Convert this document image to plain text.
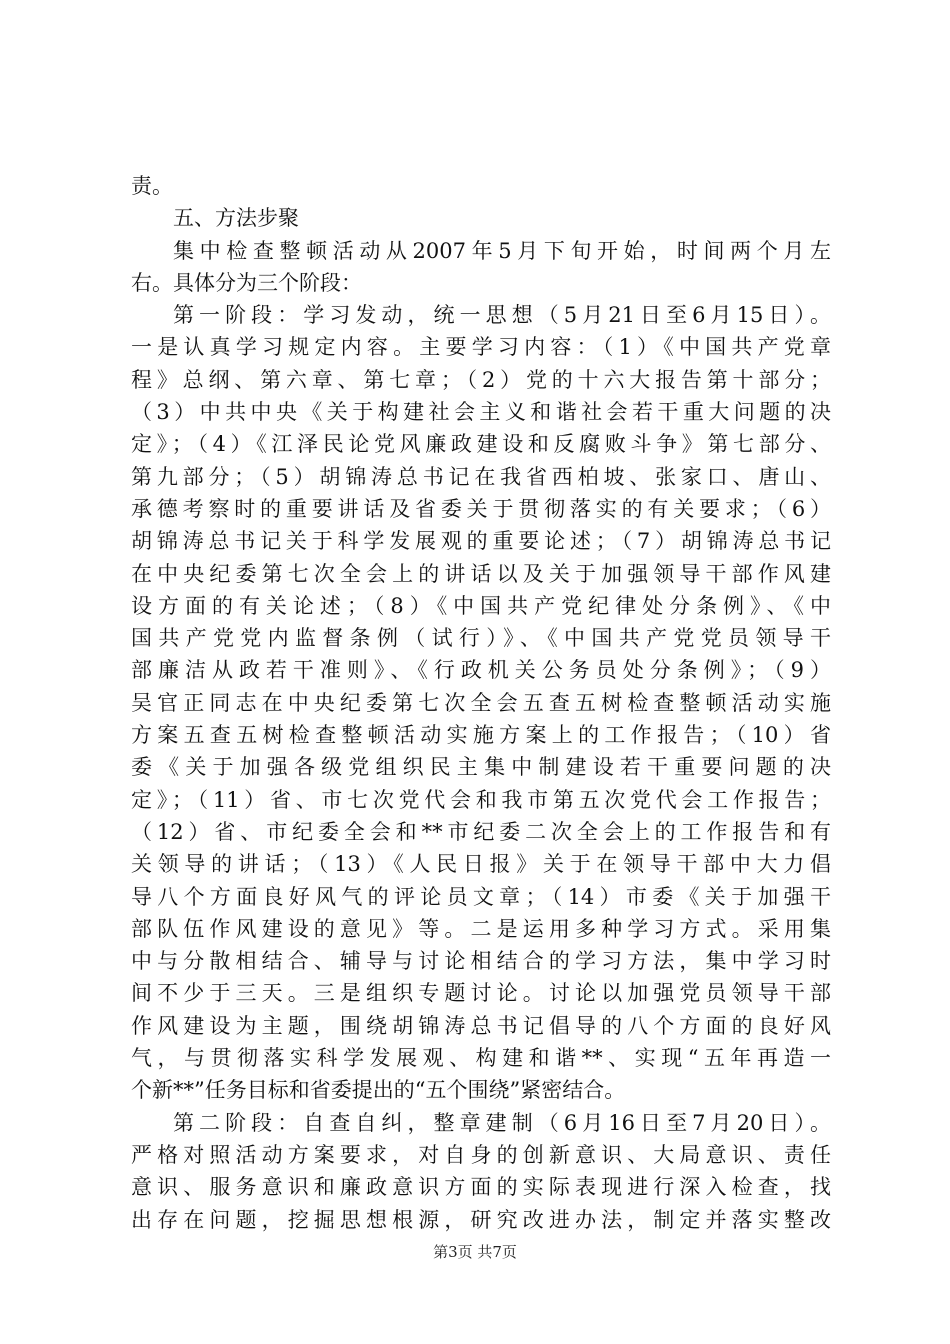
责。
五、方法步聚
集中检查整顿活动从2007年5月下旬开始，时间两个月左
右。具体分为三个阶段：
第一阶段：学习发动，统一思想（5月21日至6月15日）。
一是认真学习规定内容。主要学习内容：（1）《中国共产党章
程》总纲、第六章、第七章；（2）党的十六大报告第十部分；
（3）中共中央《关于构建社会主义和谐社会若干重大问题的决
定》；（4）《江泽民论党风廉政建设和反腐败斗争》第七部分、
第九部分；（5）胡锦涛总书记在我省西柏坡、张家口、唐山、
承德考察时的重要讲话及省委关于贯彻落实的有关要求；（6）
胡锦涛总书记关于科学发展观的重要论述；（7）胡锦涛总书记
在中央纪委第七次全会上的讲话以及关于加强领导干部作风建
设方面的有关论述；（8）《中国共产党纪律处分条例》、《中
国共产党党内监督条例（试行）》、《中国共产党党员领导干
部廉洁从政若干准则》、《行政机关公务员处分条例》；（9）
吴官正同志在中央纪委第七次全会五查五树检查整顿活动实施
方案五查五树检查整顿活动实施方案上的工作报告；（10）省
委《关于加强各级党组织民主集中制建设若干重要问题的决
定》；（11）省、市七次党代会和我市第五次党代会工作报告；
（12）省、市纪委全会和**市纪委二次全会上的工作报告和有
关领导的讲话；（13）《人民日报》关于在领导干部中大力倡
导八个方面良好风气的评论员文章；（14）市委《关于加强干
部队伍作风建设的意见》等。二是运用多种学习方式。采用集
中与分散相结合、辅导与讨论相结合的学习方法，集中学习时
间不少于三天。三是组织专题讨论。讨论以加强党员领导干部
作风建设为主题，围绕胡锦涛总书记倡导的八个方面的良好风
气，与贯彻落实科学发展观、构建和谐**、实现“五年再造一
个新**”任务目标和省委提出的“五个围绕”紧密结合。
第二阶段：自查自纠，整章建制（6月16日至7月20日）。
严格对照活动方案要求，对自身的创新意识、大局意识、责任
意识、服务意识和廉政意识方面的实际表现进行深入检查，找
出存在问题，挖掘思想根源，研究改进办法，制定并落实整改
第3页 共7页
